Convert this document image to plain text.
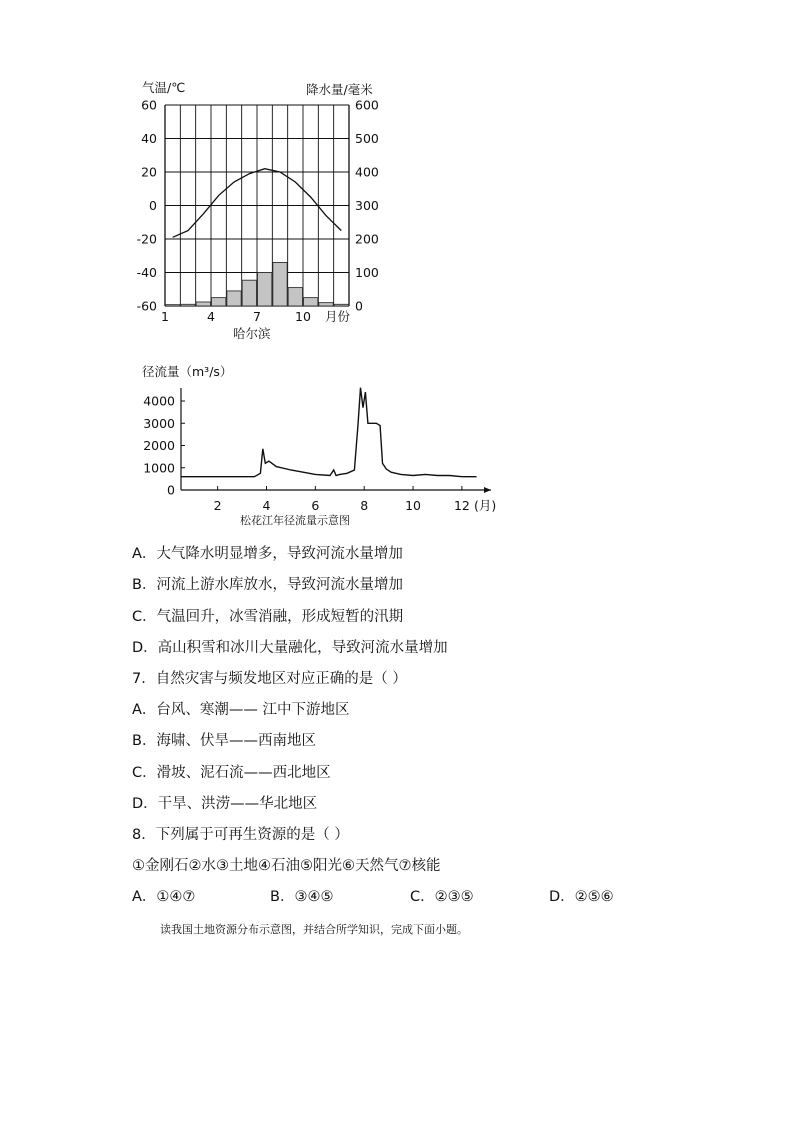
60
40
20
0
-20
-40
-60
600
500
400
300
200
100
0
1	4	7	10
气温/℃	降水量/毫米
哈尔滨
月份
4000
3000
2000
1000
0
2	4	6	8	10	12
径流量（m³/s）
(月)
松花江年径流量示意图
A．大气降水明显增多，导致河流水量增加
B．河流上游水库放水，导致河流水量增加
C．气温回升，冰雪消融，形成短暂的汛期
D．高山积雪和冰川大量融化，导致河流水量增加
7．自然灾害与频发地区对应正确的是（ ）
A．台风、寒潮—— 江中下游地区
B．海啸、伏旱——西南地区
C．滑坡、泥石流——西北地区
D．干旱、洪涝——华北地区
8．下列属于可再生资源的是（ ）
①金刚石②水③土地④石油⑤阳光⑥天然气⑦核能
A．①④⑦	B．③④⑤	C．②③⑤	D．②⑤⑥
读我国土地资源分布示意图，并结合所学知识，完成下面小题。
